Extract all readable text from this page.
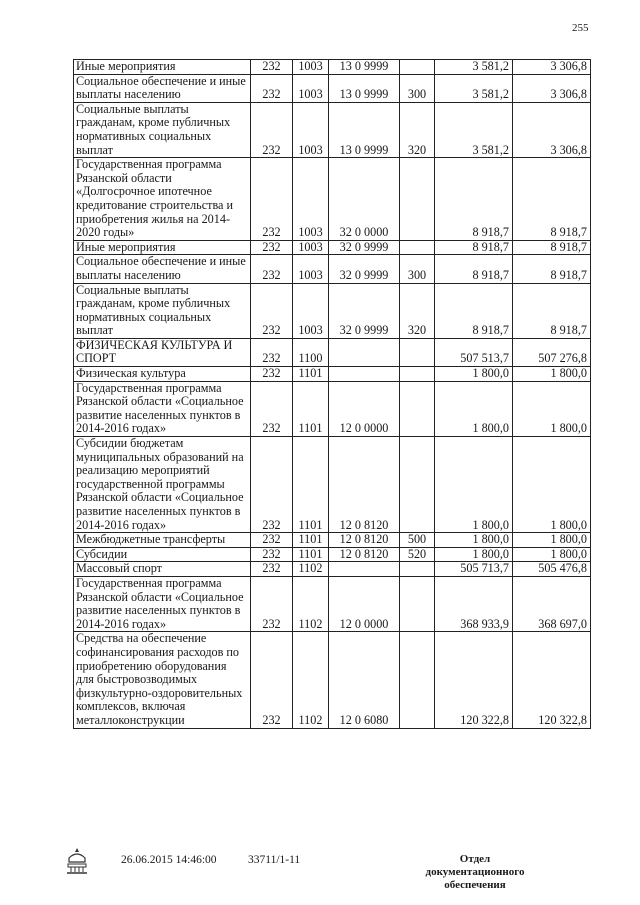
255
Иные мероприятия	232	1003	13 0 9999		3 581,2	3 306,8
Социальное обеспечение и иные выплаты населению	232	1003	13 0 9999	300	3 581,2	3 306,8
Социальные выплаты гражданам, кроме публичных нормативных социальных выплат	232	1003	13 0 9999	320	3 581,2	3 306,8
Государственная программа Рязанской области «Долгосрочное ипотечное кредитование строительства и приобретения жилья на 2014-2020 годы»	232	1003	32 0 0000		8 918,7	8 918,7
Иные мероприятия	232	1003	32 0 9999		8 918,7	8 918,7
Социальное обеспечение и иные выплаты населению	232	1003	32 0 9999	300	8 918,7	8 918,7
Социальные выплаты гражданам, кроме публичных нормативных социальных выплат	232	1003	32 0 9999	320	8 918,7	8 918,7
ФИЗИЧЕСКАЯ КУЛЬТУРА И СПОРТ	232	1100			507 513,7	507 276,8
Физическая культура	232	1101			1 800,0	1 800,0
Государственная программа Рязанской области «Социальное развитие населенных пунктов в 2014-2016 годах»	232	1101	12 0 0000		1 800,0	1 800,0
Субсидии бюджетам муниципальных образований на реализацию мероприятий государственной программы Рязанской области «Социальное развитие населенных пунктов в 2014-2016 годах»	232	1101	12 0 8120		1 800,0	1 800,0
Межбюджетные трансферты	232	1101	12 0 8120	500	1 800,0	1 800,0
Субсидии	232	1101	12 0 8120	520	1 800,0	1 800,0
Массовый спорт	232	1102			505 713,7	505 476,8
Государственная программа Рязанской области «Социальное развитие населенных пунктов в 2014-2016 годах»	232	1102	12 0 0000		368 933,9	368 697,0
Средства на обеспечение софинансирования расходов по приобретению оборудования для быстровозводимых физкультурно-оздоровительных комплексов, включая металлоконструкции	232	1102	12 0 6080		120 322,8	120 322,8
26.06.2015 14:46:00	33711/1-11	Отдел документационного
обеспечения
